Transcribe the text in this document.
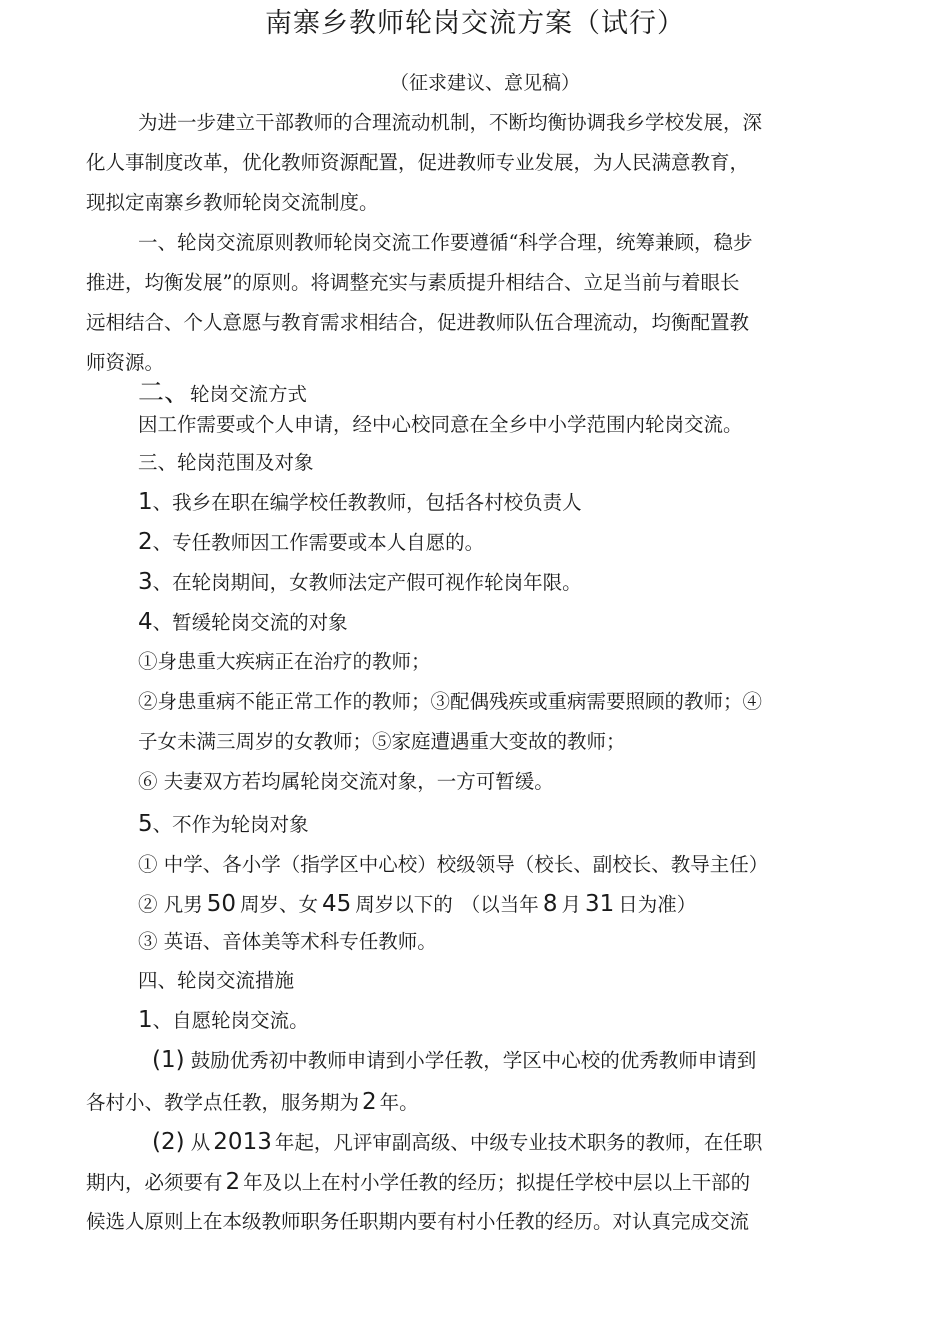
南寨乡教师轮岗交流方案（试行）
（征求建议、意见稿）
为进一步建立干部教师的合理流动机制，不断均衡协调我乡学校发展，深
化人事制度改革，优化教师资源配置，促进教师专业发展，为人民满意教育，
现拟定南寨乡教师轮岗交流制度。
一、轮岗交流原则教师轮岗交流工作要遵循“科学合理，统筹兼顾，稳步
推进，均衡发展”的原则。将调整充实与素质提升相结合、立足当前与着眼长
远相结合、个人意愿与教育需求相结合，促进教师队伍合理流动，均衡配置教
师资源。
二、轮岗交流方式
因工作需要或个人申请，经中心校同意在全乡中小学范围内轮岗交流。
三、轮岗范围及对象
1、我乡在职在编学校任教教师，包括各村校负责人
2、专任教师因工作需要或本人自愿的。
3、在轮岗期间，女教师法定产假可视作轮岗年限。
4、暂缓轮岗交流的对象
①身患重大疾病正在治疗的教师；
②身患重病不能正常工作的教师；③配偶残疾或重病需要照顾的教师；④
子女未满三周岁的女教师；⑤家庭遭遇重大变故的教师；
⑥ 夫妻双方若均属轮岗交流对象，一方可暂缓。
5、不作为轮岗对象
① 中学、各小学（指学区中心校）校级领导（校长、副校长、教导主任）
② 凡男 50 周岁、女 45 周岁以下的 （以当年 8 月 31 日为准）
③ 英语、音体美等术科专任教师。
四、轮岗交流措施
1、自愿轮岗交流。
(1) 鼓励优秀初中教师申请到小学任教，学区中心校的优秀教师申请到
各村小、教学点任教，服务期为 2 年。
(2) 从 2013 年起，凡评审副高级、中级专业技术职务的教师，在任职
期内，必须要有 2 年及以上在村小学任教的经历；拟提任学校中层以上干部的
候选人原则上在本级教师职务任职期内要有村小任教的经历。对认真完成交流
